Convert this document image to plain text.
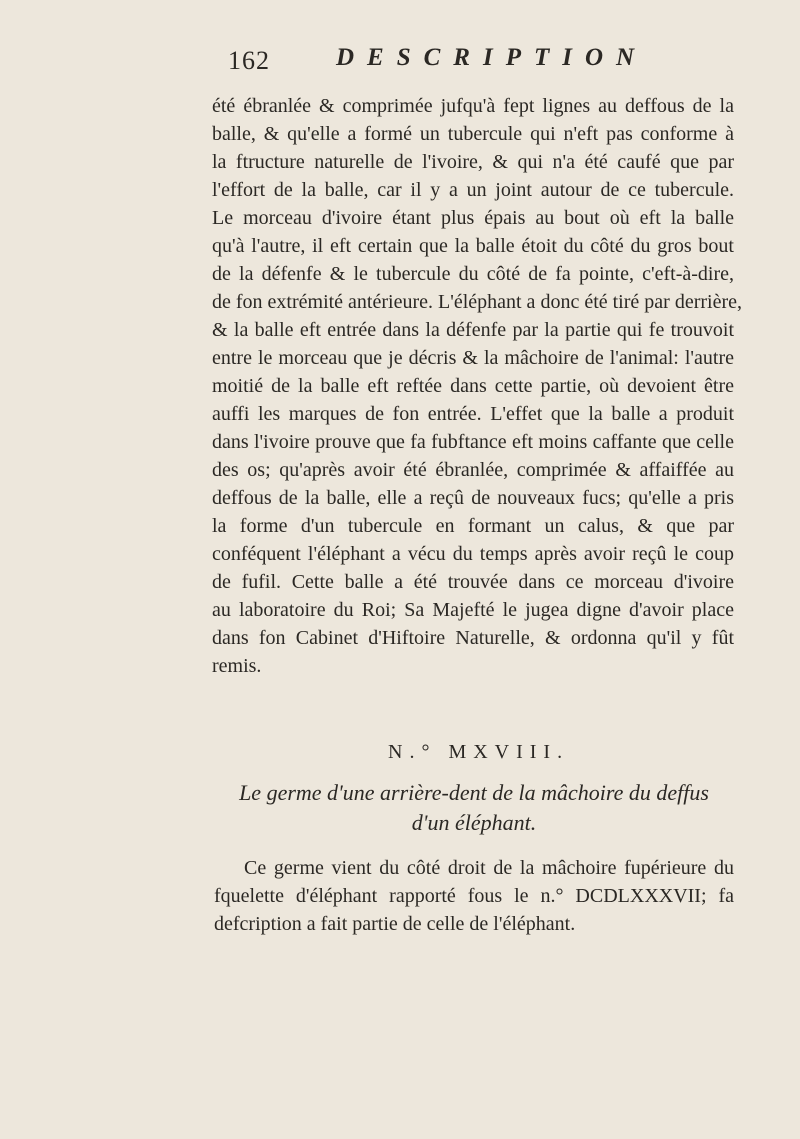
162	DESCRIPTION
été ébranlée & comprimée jufqu'à fept lignes au deffous de la
balle, & qu'elle a formé un tubercule qui n'eft pas conforme à
la ftructure naturelle de l'ivoire, & qui n'a été caufé que par
l'effort de la balle, car il y a un joint autour de ce tubercule.
Le morceau d'ivoire étant plus épais au bout où eft la balle
qu'à l'autre, il eft certain que la balle étoit du côté du gros bout
de la défenfe & le tubercule du côté de fa pointe, c'eft-à-dire,
de fon extrémité antérieure. L'éléphant a donc été tiré par derrière,
& la balle eft entrée dans la défenfe par la partie qui fe trouvoit
entre le morceau que je décris & la mâchoire de l'animal: l'autre
moitié de la balle eft reftée dans cette partie, où devoient être
auffi les marques de fon entrée. L'effet que la balle a produit
dans l'ivoire prouve que fa fubftance eft moins caffante que celle
des os; qu'après avoir été ébranlée, comprimée & affaiffée au
deffous de la balle, elle a reçû de nouveaux fucs; qu'elle a pris
la forme d'un tubercule en formant un calus, & que par
conféquent l'éléphant a vécu du temps après avoir reçû le coup
de fufil. Cette balle a été trouvée dans ce morceau d'ivoire
au laboratoire du Roi; Sa Majefté le jugea digne d'avoir place
dans fon Cabinet d'Hiftoire Naturelle, & ordonna qu'il y fût
remis.
N.° MXVIII.
Le germe d'une arrière-dent de la mâchoire du deffus
d'un éléphant.
Ce germe vient du côté droit de la mâchoire fupérieure du
fquelette d'éléphant rapporté fous le n.° DCDLXXXVII; fa
defcription a fait partie de celle de l'éléphant.
